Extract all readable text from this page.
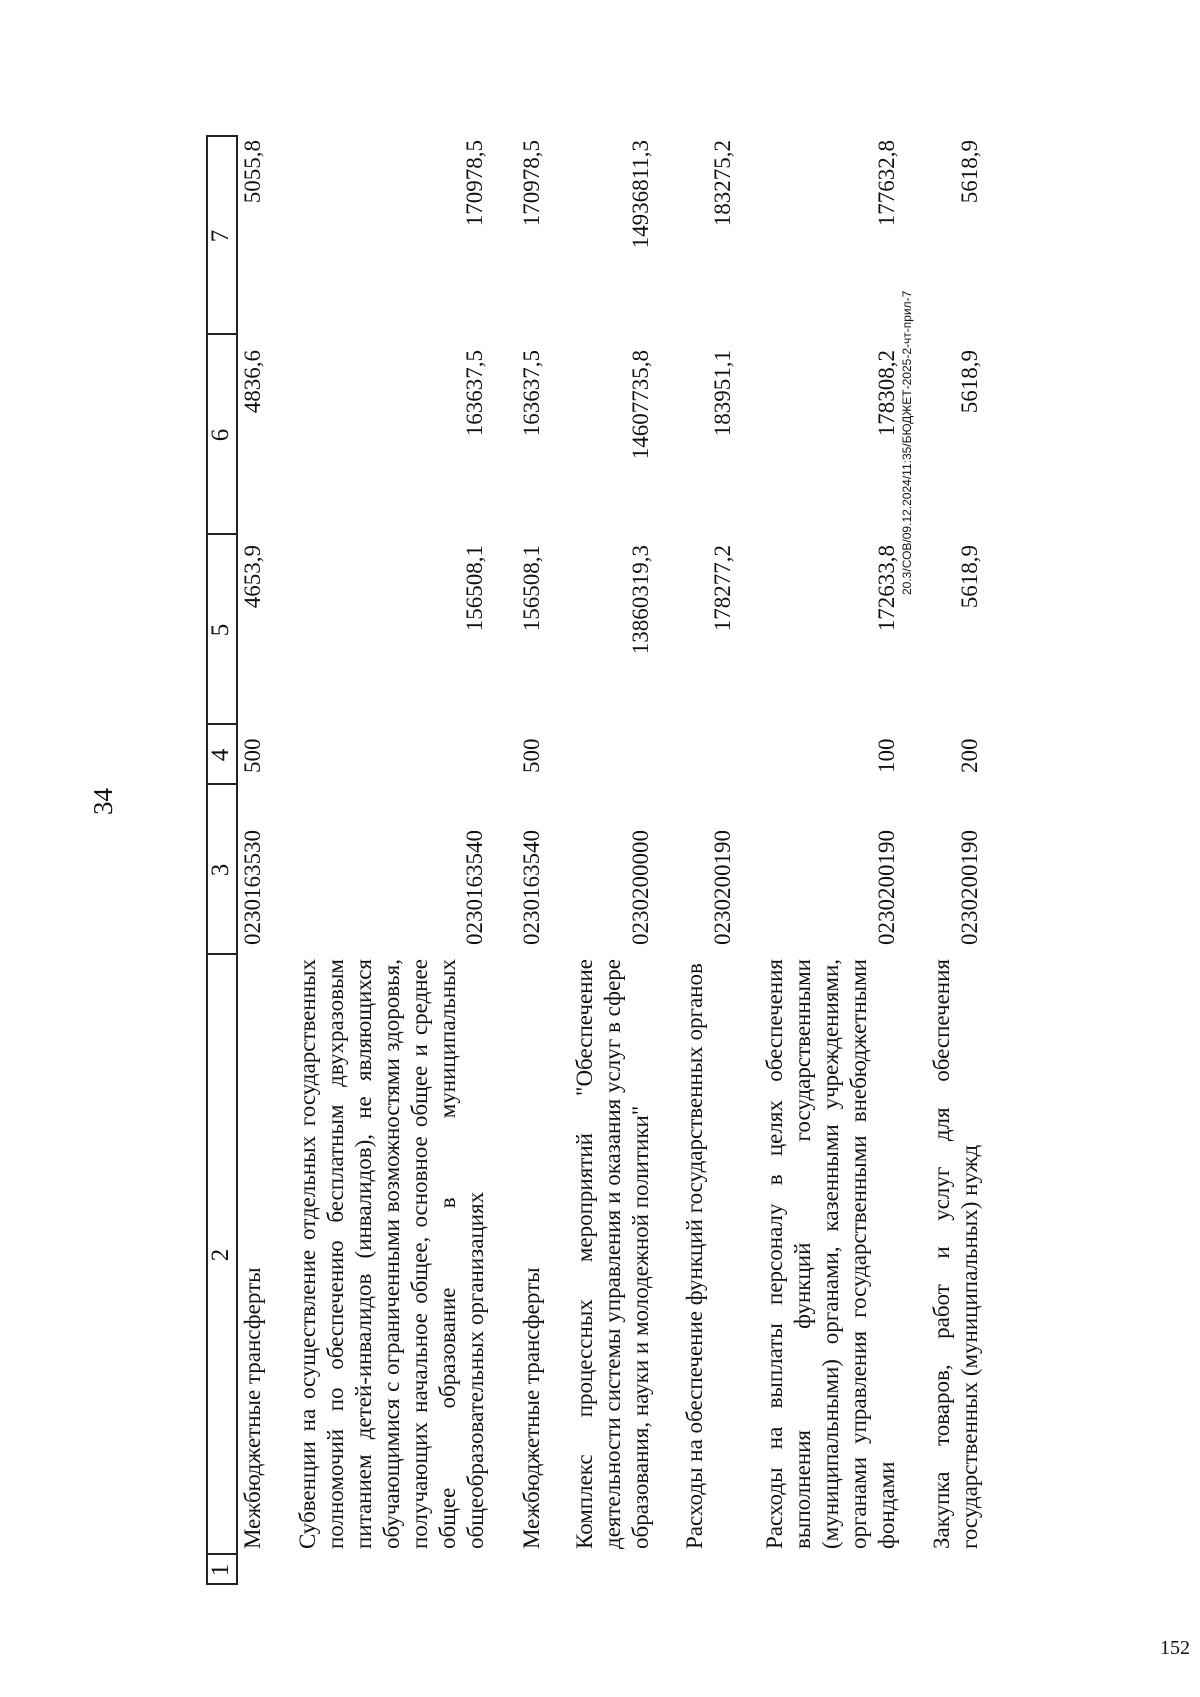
34
1
2
3
4
5
6
7
Межбюджетные трансферты
0230163530
500
4653,9
4836,6
5055,8
Субвенции на осуществление отдельных государственных полномочий по обеспечению бесплатным двухразовым питанием детей-инвалидов (инвалидов), не являющихся обучающимися с ограниченными возможностями здоровья, получающих начальное общее, основное общее и среднее общее образование в муниципальных общеобразовательных организациях
0230163540
156508,1
163637,5
170978,5
Межбюджетные трансферты
0230163540
500
156508,1
163637,5
170978,5
Комплекс процессных мероприятий "Обеспечение деятельности системы управления и оказания услуг в сфере образования, науки и молодежной политики"
0230200000
13860319,3
14607735,8
14936811,3
Расходы на обеспечение функций государственных органов
0230200190
178277,2
183951,1
183275,2
Расходы на выплаты персоналу в целях обеспечения выполнения функций государственными (муниципальными) органами, казенными учреждениями, органами управления государственными внебюджетными фондами
0230200190
100
172633,8
178308,2
177632,8
Закупка товаров, работ и услуг для обеспечения государственных (муниципальных) нужд
0230200190
200
5618,9
5618,9
5618,9
20.3/СОВ/09.12.2024/11:35/БЮДЖЕТ-2025-2-чт-прил-7
152
